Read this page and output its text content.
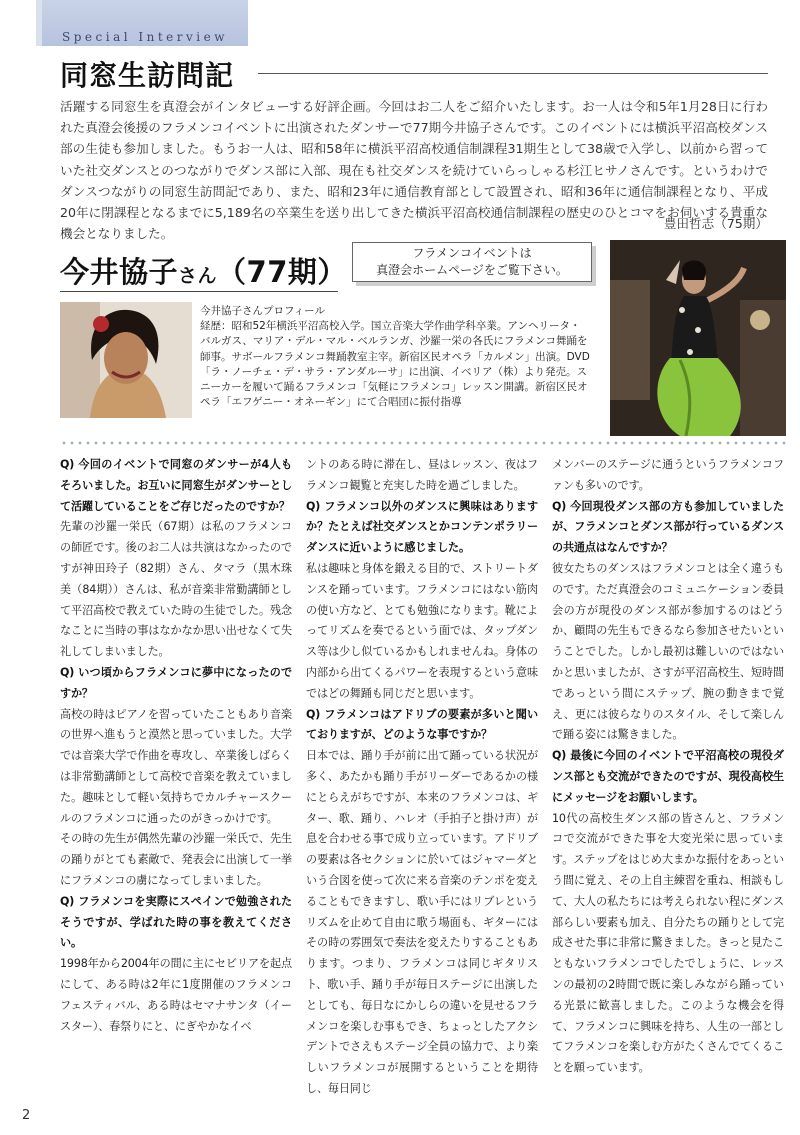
Special Interview
同窓生訪問記

活躍する同窓生を真澄会がインタビューする好評企画。今回はお二人をご紹介いたします。お一人は令和5年1月28日に行われた真澄会後援のフラメンコイベントに出演されたダンサーで77期今井協子さんです。このイベントには横浜平沼高校ダンス部の生徒も参加しました。もうお一人は、昭和58年に横浜平沼高校通信制課程31期生として38歳で入学し、以前から習っていた社交ダンスとのつながりでダンス部に入部、現在も社交ダンスを続けていらっしゃる杉江ヒサノさんです。というわけでダンスつながりの同窓生訪問記であり、また、昭和23年に通信教育部として設置され、昭和36年に通信制課程となり、平成20年に閉課程となるまでに5,189名の卒業生を送り出してきた横浜平沼高校通信制課程の歴史のひとコマをお伺いする貴重な機会となりました。

豊田哲志（75期）
今井協子さん（77期）
フラメンコイベントは
真澄会ホームページをご覧下さい。
今井協子さんプロフィール
経歴：昭和52年横浜平沼高校入学。国立音楽大学作曲学科卒業。アンヘリータ・バルガス、マリア・デル・マル・ベルランガ、沙羅一栄の各氏にフラメンコ舞踊を師事。サボールフラメンコ舞踊教室主宰。新宿区民オペラ「カルメン」出演。DVD「ラ・ノーチェ・デ・サラ・アンダルーサ」に出演、イベリア（株）より発売。スニーカーを履いて踊るフラメンコ「気軽にフラメンコ」レッスン開講。新宿区民オペラ「エフゲニー・オネーギン」にて合唱団に振付指導

Q) 今回のイベントで同窓のダンサーが4人もそろいました。お互いに同窓生がダンサーとして活躍していることをご存じだったのですか？

先輩の沙羅一栄氏（67期）は私のフラメンコの師匠です。後のお二人は共演はなかったのですが神田玲子（82期）さん、タマラ（黒木珠美（84期））さんは、私が音楽非常勤講師として平沼高校で教えていた時の生徒でした。残念なことに当時の事はなかなか思い出せなくて失礼してしまいました。

Q) いつ頃からフラメンコに夢中になったのですか？

高校の時はピアノを習っていたこともあり音楽の世界へ進もうと漠然と思っていました。大学では音楽大学で作曲を専攻し、卒業後しばらくは非常勤講師として高校で音楽を教えていました。趣味として軽い気持ちでカルチャースクールのフラメンコに通ったのがきっかけです。

その時の先生が偶然先輩の沙羅一栄氏で、先生の踊りがとても素敵で、発表会に出演して一挙にフラメンコの虜になってしまいました。

Q) フラメンコを実際にスペインで勉強されたそうですが、学ばれた時の事を教えてください。

1998年から2004年の間に主にセビリアを起点にして、ある時は2年に1度開催のフラメンコフェスティバル、ある時はセマナサンタ（イースター）、春祭りにと、にぎやかなイベ

ントのある時に滞在し、昼はレッスン、夜はフラメンコ観覧と充実した時を過ごしました。

Q) フラメンコ以外のダンスに興味はありますか？たとえば社交ダンスとかコンテンポラリーダンスに近いように感じました。

私は趣味と身体を鍛える目的で、ストリートダンスを踊っています。フラメンコにはない筋肉の使い方など、とても勉強になります。靴によってリズムを奏でるという面では、タップダンス等は少し似ているかもしれませんね。身体の内部から出てくるパワーを表現するという意味ではどの舞踊も同じだと思います。

Q) フラメンコはアドリブの要素が多いと聞いておりますが、どのような事ですか？

日本では、踊り手が前に出て踊っている状況が多く、あたかも踊り手がリーダーであるかの様にとらえがちですが、本来のフラメンコは、ギター、歌、踊り、ハレオ（手拍子と掛け声）が息を合わせる事で成り立っています。アドリブの要素は各セクションに於いてはジャマーダという合図を使って次に来る音楽のテンポを変えることもできますし、歌い手にはリブレというリズムを止めて自由に歌う場面も、ギターにはその時の雰囲気で奏法を変えたりすることもあります。つまり、フラメンコは同じギタリスト、歌い手、踊り手が毎日ステージに出演したとしても、毎日なにかしらの違いを見せるフラメンコを楽しむ事もでき、ちょっとしたアクシデントでさえもステージ全員の協力で、より楽しいフラメンコが展開するということを期待し、毎日同じ

メンバーのステージに通うというフラメンコファンも多いのです。

Q) 今回現役ダンス部の方も参加していましたが、フラメンコとダンス部が行っているダンスの共通点はなんですか？

彼女たちのダンスはフラメンコとは全く違うものです。ただ真澄会のコミュニケーション委員会の方が現役のダンス部が参加するのはどうか、顧問の先生もできるなら参加させたいということでした。しかし最初は難しいのではないかと思いましたが、さすが平沼高校生、短時間であっという間にステップ、腕の動きまで覚え、更には彼らなりのスタイル、そして楽しんで踊る姿には驚きました。

Q) 最後に今回のイベントで平沼高校の現役ダンス部とも交流ができたのですが、現役高校生にメッセージをお願いします。

10代の高校生ダンス部の皆さんと、フラメンコで交流ができた事を大変光栄に思っています。ステップをはじめ大まかな振付をあっという間に覚え、その上自主練習を重ね、相談もして、大人の私たちには考えられない程にダンス部らしい要素も加え、自分たちの踊りとして完成させた事に非常に驚きました。きっと見たこともないフラメンコでしたでしょうに、レッスンの最初の2時間で既に楽しみながら踊っている光景に歓喜しました。このような機会を得て、フラメンコに興味を持ち、人生の一部としてフラメンコを楽しむ方がたくさんでてくることを願っています。

2
